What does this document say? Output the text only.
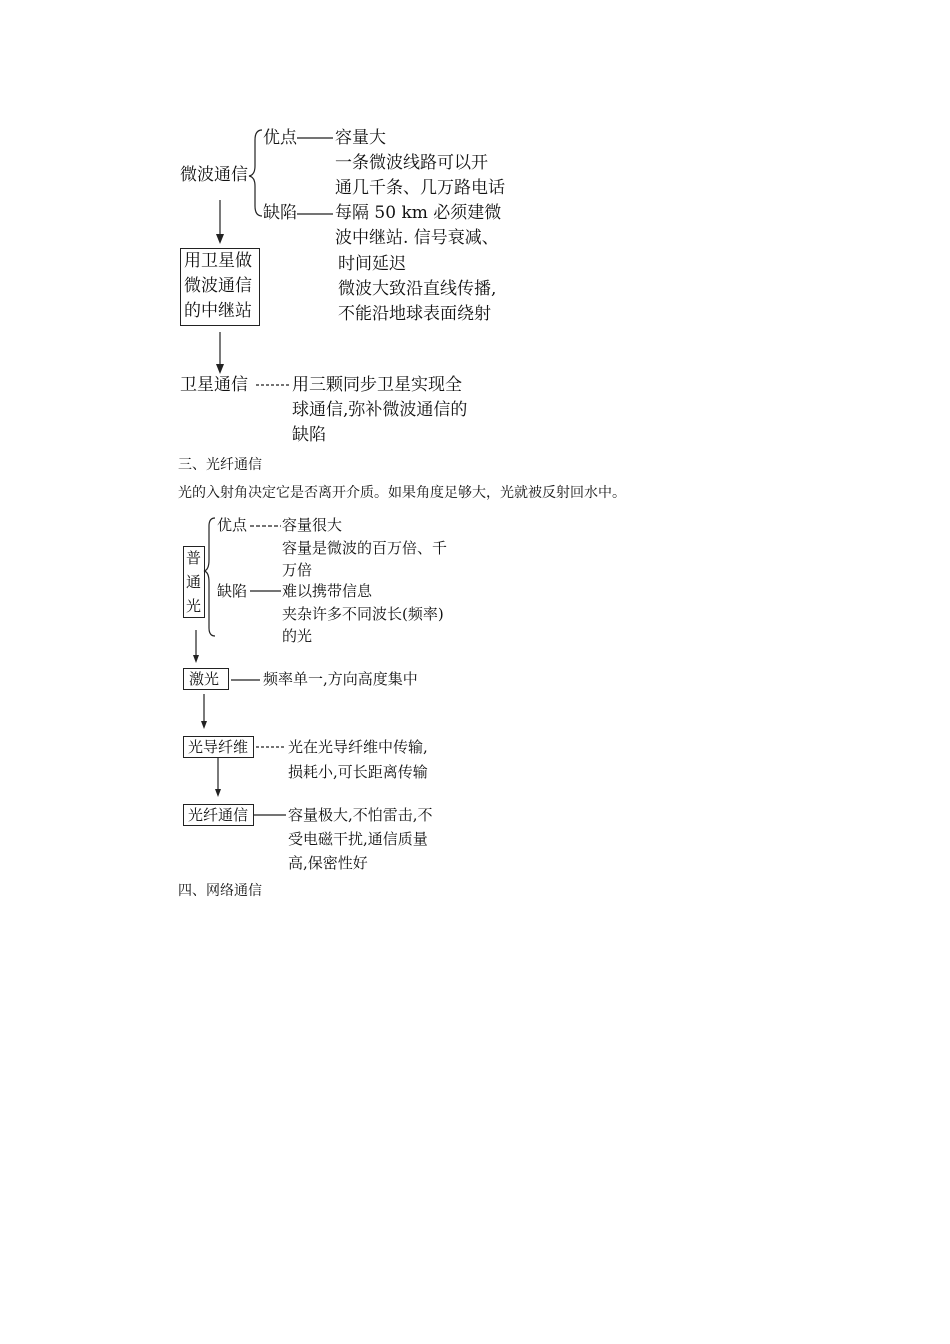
微波通信
优点 容量大
一条微波线路可以开
通几千条、几万路电话
缺陷 每隔 50 km 必须建微
波中继站. 信号衰减、
时间延迟
微波大致沿直线传播,
不能沿地球表面绕射
用卫星做
微波通信
的中继站
卫星通信	用三颗同步卫星实现全
球通信,弥补微波通信的
缺陷
三、光纤通信
光的入射角决定它是否离开介质。如果角度足够大，光就被反射回水中。
普
通
光
优点 容量很大
容量是微波的百万倍、千
万倍
缺陷 难以携带信息
夹杂许多不同波长(频率)
的光
激光	频率单一,方向高度集中
光导纤维	光在光导纤维中传输,
损耗小,可长距离传输
光纤通信	容量极大,不怕雷击,不
受电磁干扰,通信质量
高,保密性好
四、网络通信
